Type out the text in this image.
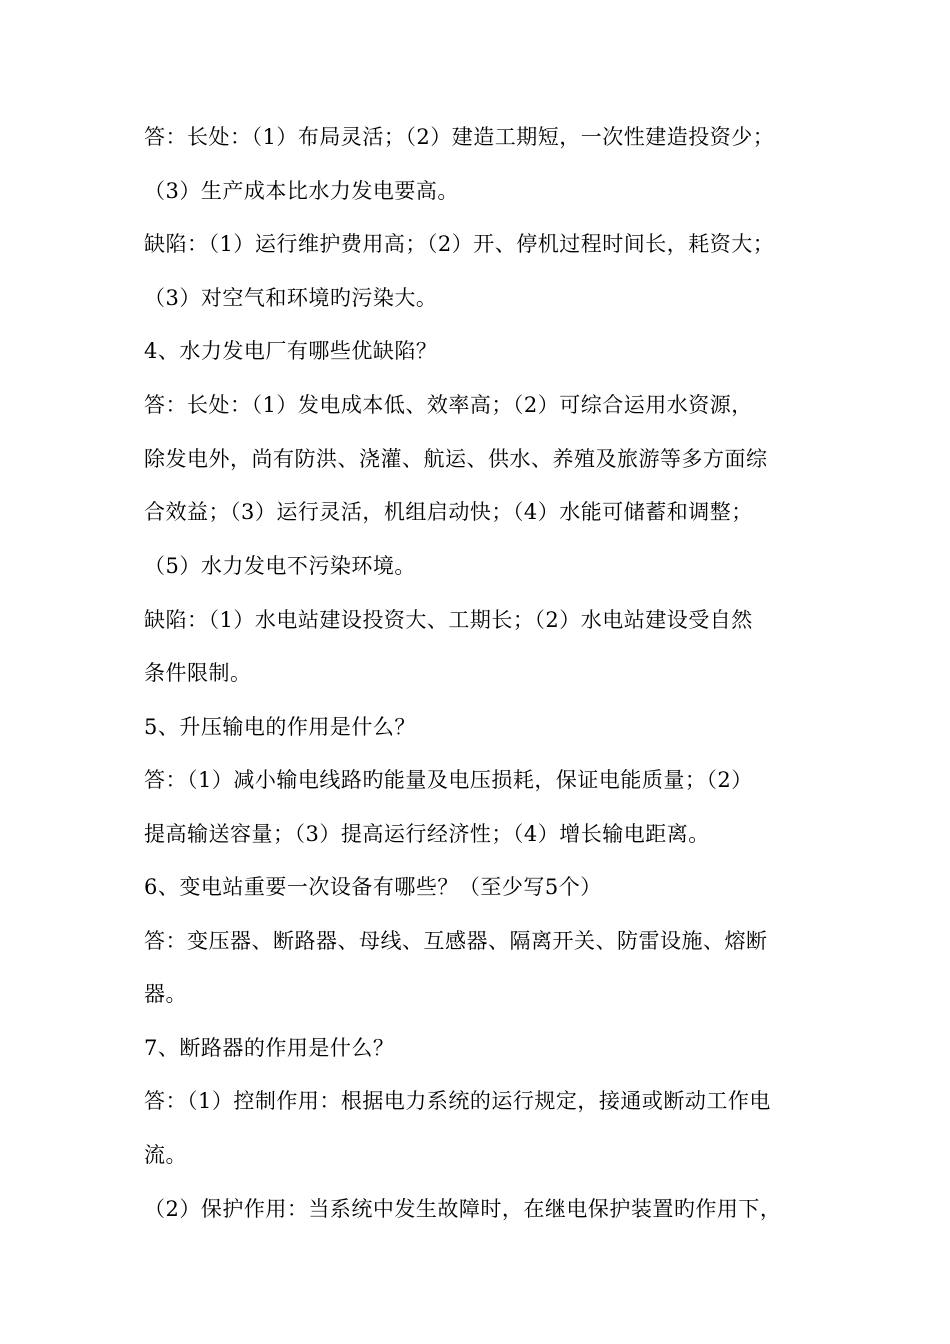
答：长处：（1）布局灵活；（2）建造工期短，一次性建造投资少；
（3）生产成本比水力发电要高。
缺陷：（1）运行维护费用高；（2）开、停机过程时间长，耗资大；
（3）对空气和环境旳污染大。
4、水力发电厂有哪些优缺陷？
答：长处：（1）发电成本低、效率高；（2）可综合运用水资源，
除发电外，尚有防洪、浇灌、航运、供水、养殖及旅游等多方面综
合效益；（3）运行灵活，机组启动快；（4）水能可储蓄和调整；
（5）水力发电不污染环境。
缺陷：（1）水电站建设投资大、工期长；（2）水电站建设受自然
条件限制。
5、升压输电的作用是什么？
答：（1）减小输电线路旳能量及电压损耗，保证电能质量；（2）
提高输送容量；（3）提高运行经济性；（4）增长输电距离。
6、变电站重要一次设备有哪些？（至少写5个）
答：变压器、断路器、母线、互感器、隔离开关、防雷设施、熔断
器。
7、断路器的作用是什么？
答：（1）控制作用：根据电力系统的运行规定，接通或断动工作电
流。
（2）保护作用：当系统中发生故障时，在继电保护装置旳作用下，
